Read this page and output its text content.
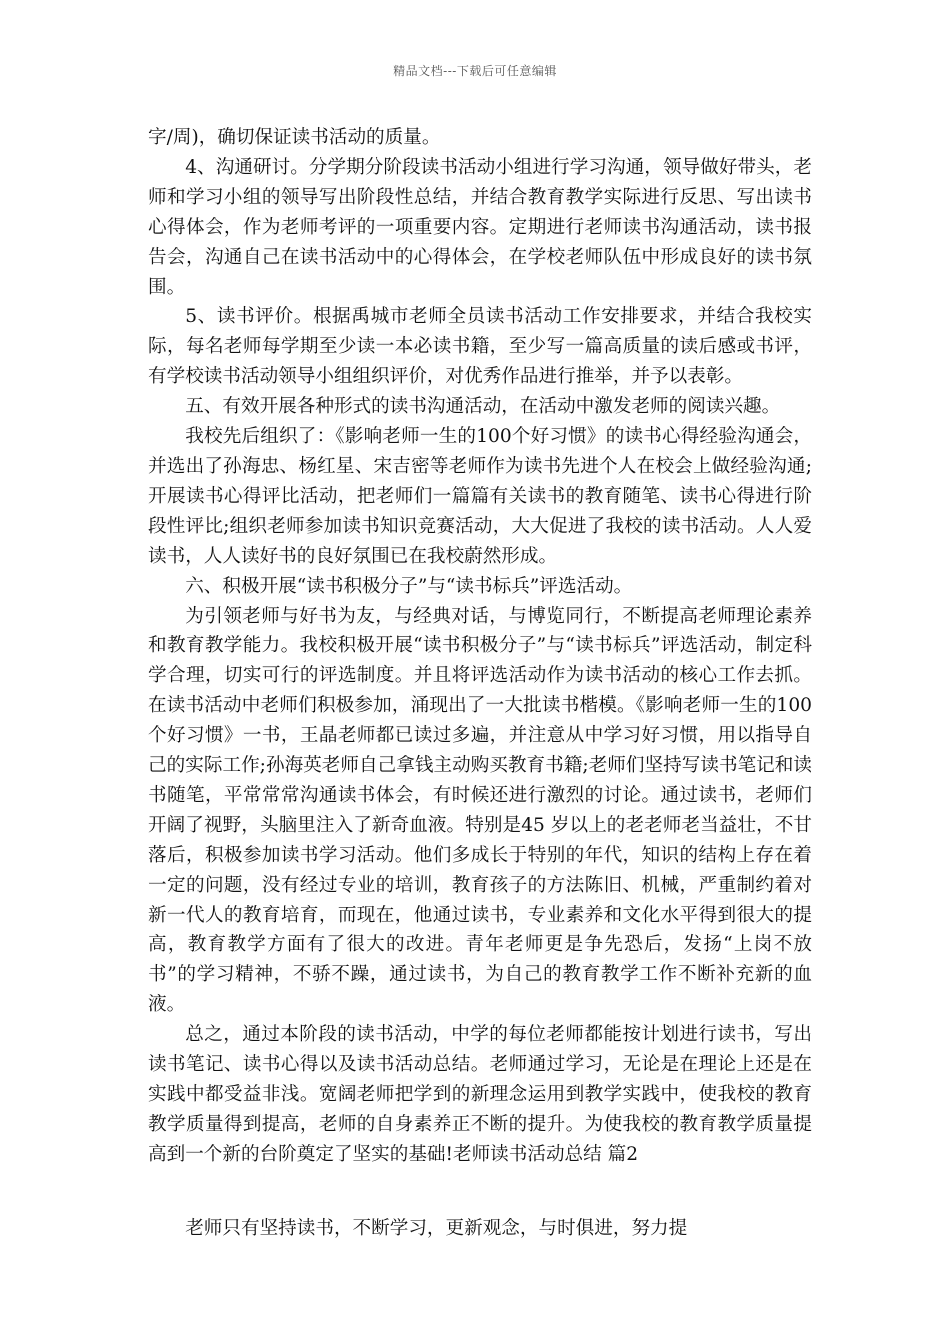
精品文档---下载后可任意编辑

字/周)，确切保证读书活动的质量。

4、沟通研讨。分学期分阶段读书活动小组进行学习沟通，领导做好带头，老师和学习小组的领导写出阶段性总结，并结合教育教学实际进行反思、写出读书心得体会，作为老师考评的一项重要内容。定期进行老师读书沟通活动，读书报告会，沟通自己在读书活动中的心得体会，在学校老师队伍中形成良好的读书氛围。

5、读书评价。根据禹城市老师全员读书活动工作安排要求，并结合我校实际，每名老师每学期至少读一本必读书籍，至少写一篇高质量的读后感或书评，有学校读书活动领导小组组织评价，对优秀作品进行推举，并予以表彰。

五、有效开展各种形式的读书沟通活动，在活动中激发老师的阅读兴趣。

我校先后组织了：《影响老师一生的100个好习惯》的读书心得经验沟通会，并选出了孙海忠、杨红星、宋吉密等老师作为读书先进个人在校会上做经验沟通;开展读书心得评比活动，把老师们一篇篇有关读书的教育随笔、读书心得进行阶段性评比;组织老师参加读书知识竞赛活动，大大促进了我校的读书活动。人人爱读书，人人读好书的良好氛围已在我校蔚然形成。

六、积极开展“读书积极分子”与“读书标兵”评选活动。

为引领老师与好书为友，与经典对话，与博览同行，不断提高老师理论素养和教育教学能力。我校积极开展“读书积极分子”与“读书标兵”评选活动，制定科学合理，切实可行的评选制度。并且将评选活动作为读书活动的核心工作去抓。在读书活动中老师们积极参加，涌现出了一大批读书楷模。《影响老师一生的100个好习惯》一书，王晶老师都已读过多遍，并注意从中学习好习惯，用以指导自己的实际工作;孙海英老师自己拿钱主动购买教育书籍;老师们坚持写读书笔记和读书随笔，平常常常沟通读书体会，有时候还进行激烈的讨论。通过读书，老师们开阔了视野，头脑里注入了新奇血液。特别是45 岁以上的老老师老当益壮，不甘落后，积极参加读书学习活动。他们多成长于特别的年代，知识的结构上存在着一定的问题，没有经过专业的培训，教育孩子的方法陈旧、机械，严重制约着对新一代人的教育培育，而现在，他通过读书，专业素养和文化水平得到很大的提高，教育教学方面有了很大的改进。青年老师更是争先恐后，发扬“上岗不放书”的学习精神，不骄不躁，通过读书，为自己的教育教学工作不断补充新的血液。

总之，通过本阶段的读书活动，中学的每位老师都能按计划进行读书，写出读书笔记、读书心得以及读书活动总结。老师通过学习，无论是在理论上还是在实践中都受益非浅。宽阔老师把学到的新理念运用到教学实践中，使我校的教育教学质量得到提高，老师的自身素养正不断的提升。为使我校的教育教学质量提高到一个新的台阶奠定了坚实的基础!老师读书活动总结 篇2

老师只有坚持读书，不断学习，更新观念，与时俱进，努力提
